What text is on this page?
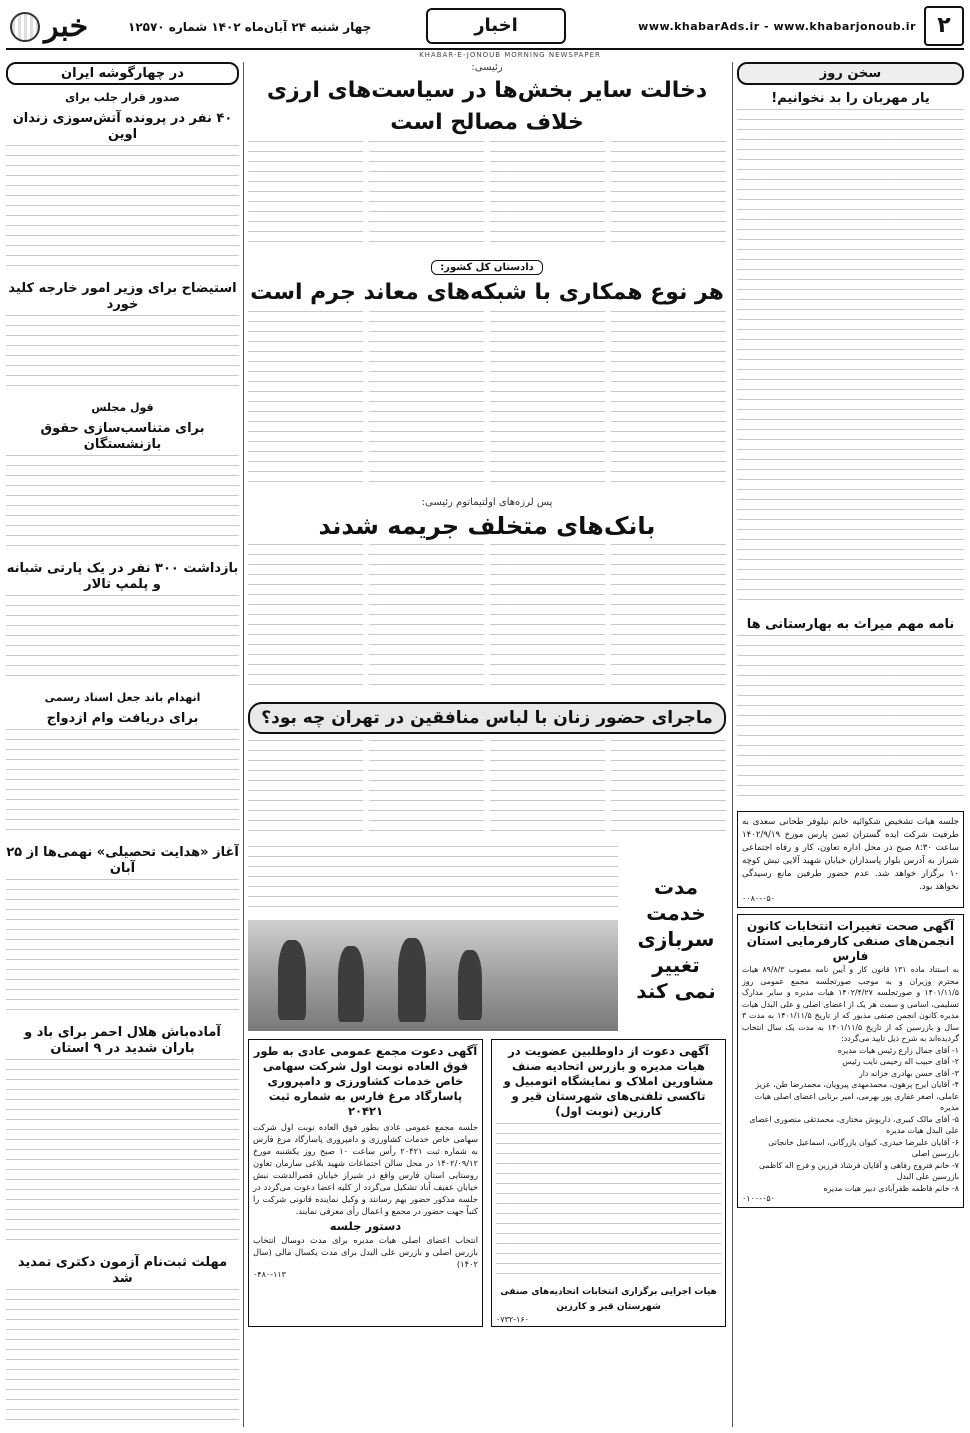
خبر	چهار شنبه ۲۴ آبان‌ماه ۱۴۰۲ شماره ۱۲۵۷۰	اخبار	www.khabarAds.ir - www.khabarjonoub.ir ۲
KHABAR-E-JONOUB MORNING NEWSPAPER
در چهارگوشه ایران
صدور قرار جلب برای
۴۰ نفر در پرونده آتش‌سوزی زندان اوین
استیضاح برای وزیر امور خارجه کلید خورد
قول مجلس
برای متناسب‌سازی حقوق بازنشستگان
بازداشت ۳۰۰ نفر در یک پارتی شبانه و پلمپ تالار
انهدام باند جعل اسناد رسمی
برای دریافت وام ازدواج
آغاز «هدایت تحصیلی» نهمی‌ها از ۲۵ آبان
آماده‌باش هلال احمر برای باد و باران شدید در ۹ استان
مهلت ثبت‌نام آزمون دکتری تمدید شد
رئیسی:
دخالت سایر بخش‌ها در سیاست‌های ارزی خلاف مصالح است
دادستان کل کشور:
هر نوع همکاری با شبکه‌های معاند جرم است
پس لرزه‌های اولتیماتوم رئیسی:
بانک‌های متخلف جریمه شدند
ماجرای حضور زنان با لباس منافقین در تهران چه بود؟
مدت
خدمت
سربازی تغییر
نمی کند
آگهی دعوت از داوطلبین عضویت در هیات مدیره و بازرس اتحادیه صنف مشاورین املاک و نمایشگاه اتومبیل و تاکسی تلفنی‌های شهرستان قیر و کارزین (نوبت اول)
هیات اجرایی برگزاری انتخابات اتحادیه‌های صنفی شهرستان قیر و کارزین
۰۷۳۲-۱۶۰
آگهی دعوت مجمع عمومی عادی به طور فوق العاده نوبت اول شرکت سهامی خاص خدمات کشاورزی و دامپروری پاسارگاد مرغ فارس به شماره ثبت ۲۰۴۲۱
جلسه مجمع عمومی عادی بطور فوق العاده نوبت اول شرکت سهامی خاص خدمات کشاورزی و دامپروری پاسارگاد مرغ فارس به شماره ثبت ۲۰۴۲۱ رأس ساعت ۱۰ صبح روز یکشنبه مورخ ۱۴۰۲/۰۹/۱۲ در محل سالن اجتماعات شهید بلاغی سازمان تعاون روستایی استان فارس واقع در شیراز خیابان قصرالدشت نبش خیابان عفیف آباد تشکیل می‌گردد از کلیه اعضا دعوت می‌گردد در جلسه مذکور حضور بهم رسانند و وکیل نماینده قانونی شرکت را کتباً جهت حضور در مجمع و اعمال رأی معرفی نمایند.
دستور جلسه
انتخاب اعضای اصلی هیات مدیره برای مدت دوسال انتخاب بازرس اصلی و بازرس علی البدل برای مدت یکسال مالی (سال ۱۴۰۲)
۰۴۸۰-۱۱۳
سخن روز
یار مهربان را بد نخوانیم!
نامه مهم میراث به بهارستانی ها
جلسه هیات تشخیص شکوائیه خانم نیلوفر طحانی سعدی به طرفیت شرکت ایده گستران ثمین پارس مورخ ۱۴۰۲/۹/۱۹ ساعت ۸:۳۰ صبح در محل اداره تعاون، کار و رفاه اجتماعی شیراز به آدرس بلوار پاسداران خیابان شهید آلایی نبش کوچه ۱۰ برگزار خواهد شد. عدم حضور طرفین مانع رسیدگی نخواهد بود.
۰۰۸۰-۰۵۰
آگهی صحت تغییرات انتخابات کانون انجمن‌های صنفی کارفرمایی استان فارس
به استناد ماده ۱۳۱ قانون کار و آیین نامه مصوب ۸۹/۸/۳ هیات محترم وزیران و به موجب صورتجلسه مجمع عمومی روز ۱۴۰۱/۱۱/۵ و صورتجلسه ۱۴۰۲/۴/۲۷ هیات مدیره و سایر مدارک تسلیمی، اسامی و سمت هر یک از اعضای اصلی و علی البدل هیات مدیره کانون انجمن صنفی مذبور که از تاریخ ۱۴۰۱/۱۱/۵ به مدت ۳ سال و بازرسین که از تاریخ ۱۴۰۱/۱۱/۵ به مدت یک سال انتخاب گردیده‌اند به شرح ذیل تایید می‌گردد:
۱- آقای جمال زارع رئیس هیات مدیره
۲- آقای حبیب اله رحیمی نایب رئیس
۳- آقای حسن بهادری خزانه دار
۴- آقایان ایرج پرهون، محمدمهدی پیرویان، محمدرضا طن، عزیز عاملی، اصغر غفاری پور بهرمی، امیر برنابی اعضای اصلی هیات مدیره
۵- آقای مالک کبیری، داریوش مختاری، محمدتقی منصوری اعضای علی البدل هیات مدیره
۶- آقایان علیرضا حیدری، کیوان بازرگانی، اسماعیل خانجانی بازرسین اصلی
۷- خانم فتروج رفاهی و آقایان فرشاد فرزین و فرج اله کاظمی بازرسین علی البدل
۸- خانم فاطمه ظفرآبادی دبیر هیات مدیره
۰۱۰۰-۰۵۰
